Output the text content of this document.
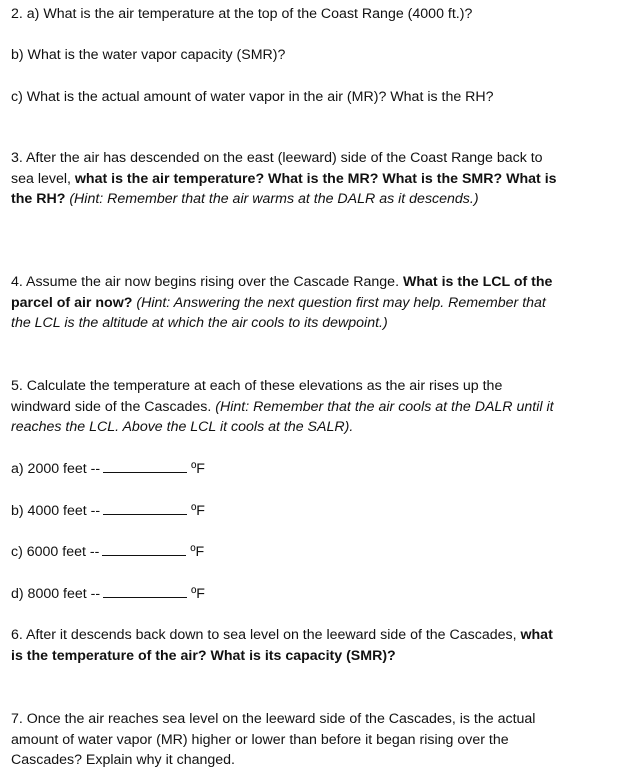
2. a) What is the air temperature at the top of the Coast Range (4000 ft.)?
b) What is the water vapor capacity (SMR)?
c) What is the actual amount of water vapor in the air (MR)? What is the RH?
3. After the air has descended on the east (leeward) side of the Coast Range back to
sea level, what is the air temperature? What is the MR? What is the SMR? What is
the RH? (Hint: Remember that the air warms at the DALR as it descends.)
4. Assume the air now begins rising over the Cascade Range. What is the LCL of the
parcel of air now? (Hint: Answering the next question first may help. Remember that
the LCL is the altitude at which the air cools to its dewpoint.)
5. Calculate the temperature at each of these elevations as the air rises up the
windward side of the Cascades. (Hint: Remember that the air cools at the DALR until it
reaches the LCL. Above the LCL it cools at the SALR).
a) 2000 feet --	ºF
b) 4000 feet --	ºF
c) 6000 feet --	ºF
d) 8000 feet --	ºF
6. After it descends back down to sea level on the leeward side of the Cascades, what
is the temperature of the air? What is its capacity (SMR)?
7. Once the air reaches sea level on the leeward side of the Cascades, is the actual
amount of water vapor (MR) higher or lower than before it began rising over the
Cascades? Explain why it changed.
